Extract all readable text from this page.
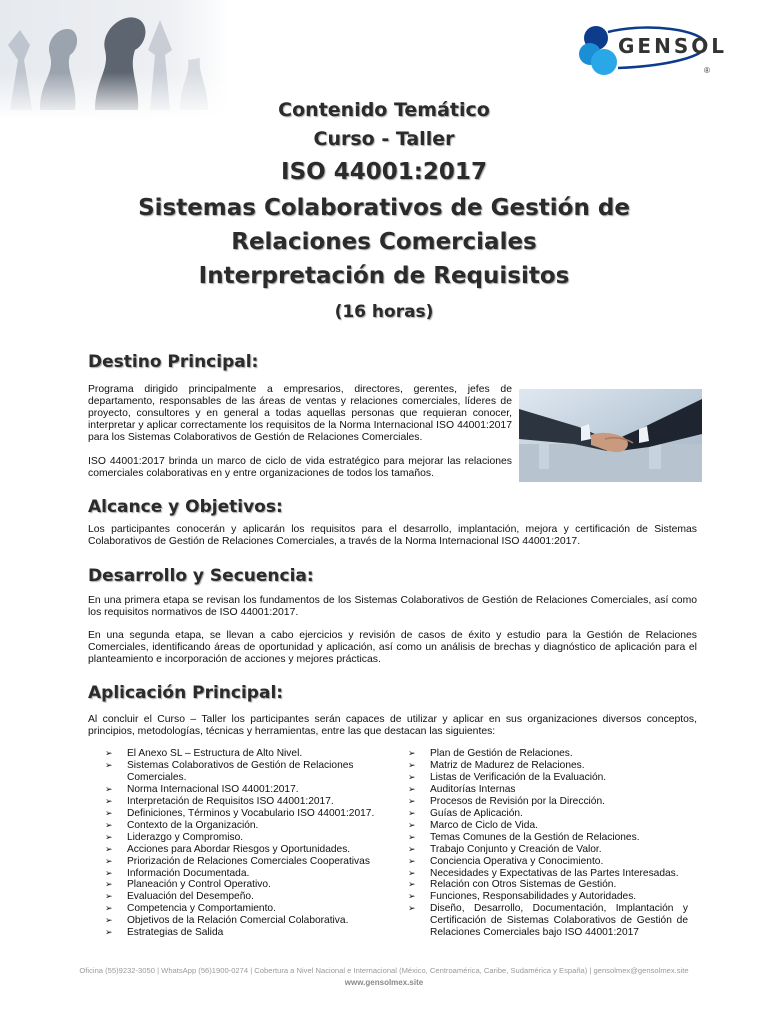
GENSOL
®
Contenido Temático
Curso - Taller
ISO 44001:2017
Sistemas Colaborativos de Gestión de
Relaciones Comerciales
Interpretación de Requisitos
(16 horas)
Destino Principal:

Programa dirigido principalmente a empresarios, directores, gerentes, jefes de departamento, responsables de las áreas de ventas y relaciones comerciales, líderes de proyecto, consultores y en general a todas aquellas personas que requieran conocer, interpretar y aplicar correctamente los requisitos de la Norma Internacional ISO 44001:2017 para los Sistemas Colaborativos de Gestión de Relaciones Comerciales.

ISO 44001:2017 brinda un marco de ciclo de vida estratégico para mejorar las relaciones comerciales colaborativas en y entre organizaciones de todos los tamaños.

Alcance y Objetivos:

Los participantes conocerán y aplicarán los requisitos para el desarrollo, implantación, mejora y certificación de Sistemas Colaborativos de Gestión de Relaciones Comerciales, a través de la Norma Internacional ISO 44001:2017.

Desarrollo y Secuencia:

En una primera etapa se revisan los fundamentos de los Sistemas Colaborativos de Gestión de Relaciones Comerciales, así como los requisitos normativos de ISO 44001:2017.

En una segunda etapa, se llevan a cabo ejercicios y revisión de casos de éxito y estudio para la Gestión de Relaciones Comerciales, identificando áreas de oportunidad y aplicación, así como un análisis de brechas y diagnóstico de aplicación para el planteamiento e incorporación de acciones y mejores prácticas.

Aplicación Principal:

Al concluir el Curso – Taller los participantes serán capaces de utilizar y aplicar en sus organizaciones diversos conceptos, principios, metodologías, técnicas y herramientas, entre las que destacan las siguientes:

➢ El Anexo SL – Estructura de Alto Nivel.
➢ Sistemas Colaborativos de Gestión de Relaciones Comerciales.
➢ Norma Internacional ISO 44001:2017.
➢ Interpretación de Requisitos ISO 44001:2017.
➢ Definiciones, Términos y Vocabulario ISO 44001:2017.
➢ Contexto de la Organización.
➢ Liderazgo y Compromiso.
➢ Acciones para Abordar Riesgos y Oportunidades.
➢ Priorización de Relaciones Comerciales Cooperativas
➢ Información Documentada.
➢ Planeación y Control Operativo.
➢ Evaluación del Desempeño.
➢ Competencia y Comportamiento.
➢ Objetivos de la Relación Comercial Colaborativa.
➢ Estrategias de Salida
➢ Plan de Gestión de Relaciones.
➢ Matriz de Madurez de Relaciones.
➢ Listas de Verificación de la Evaluación.
➢ Auditorías Internas
➢ Procesos de Revisión por la Dirección.
➢ Guías de Aplicación.
➢ Marco de Ciclo de Vida.
➢ Temas Comunes de la Gestión de Relaciones.
➢ Trabajo Conjunto y Creación de Valor.
➢ Conciencia Operativa y Conocimiento.
➢ Necesidades y Expectativas de las Partes Interesadas.
➢ Relación con Otros Sistemas de Gestión.
➢ Funciones, Responsabilidades y Autoridades.
➢ Diseño, Desarrollo, Documentación, Implantación y Certificación de Sistemas Colaborativos de Gestión de Relaciones Comerciales bajo ISO 44001:2017
Oficina (55)9232-3050 | WhatsApp (56)1900-0274 | Cobertura a Nivel Nacional e Internacional (México, Centroamérica, Caribe, Sudamérica y España) | gensolmex@gensolmex.site
www.gensolmex.site
